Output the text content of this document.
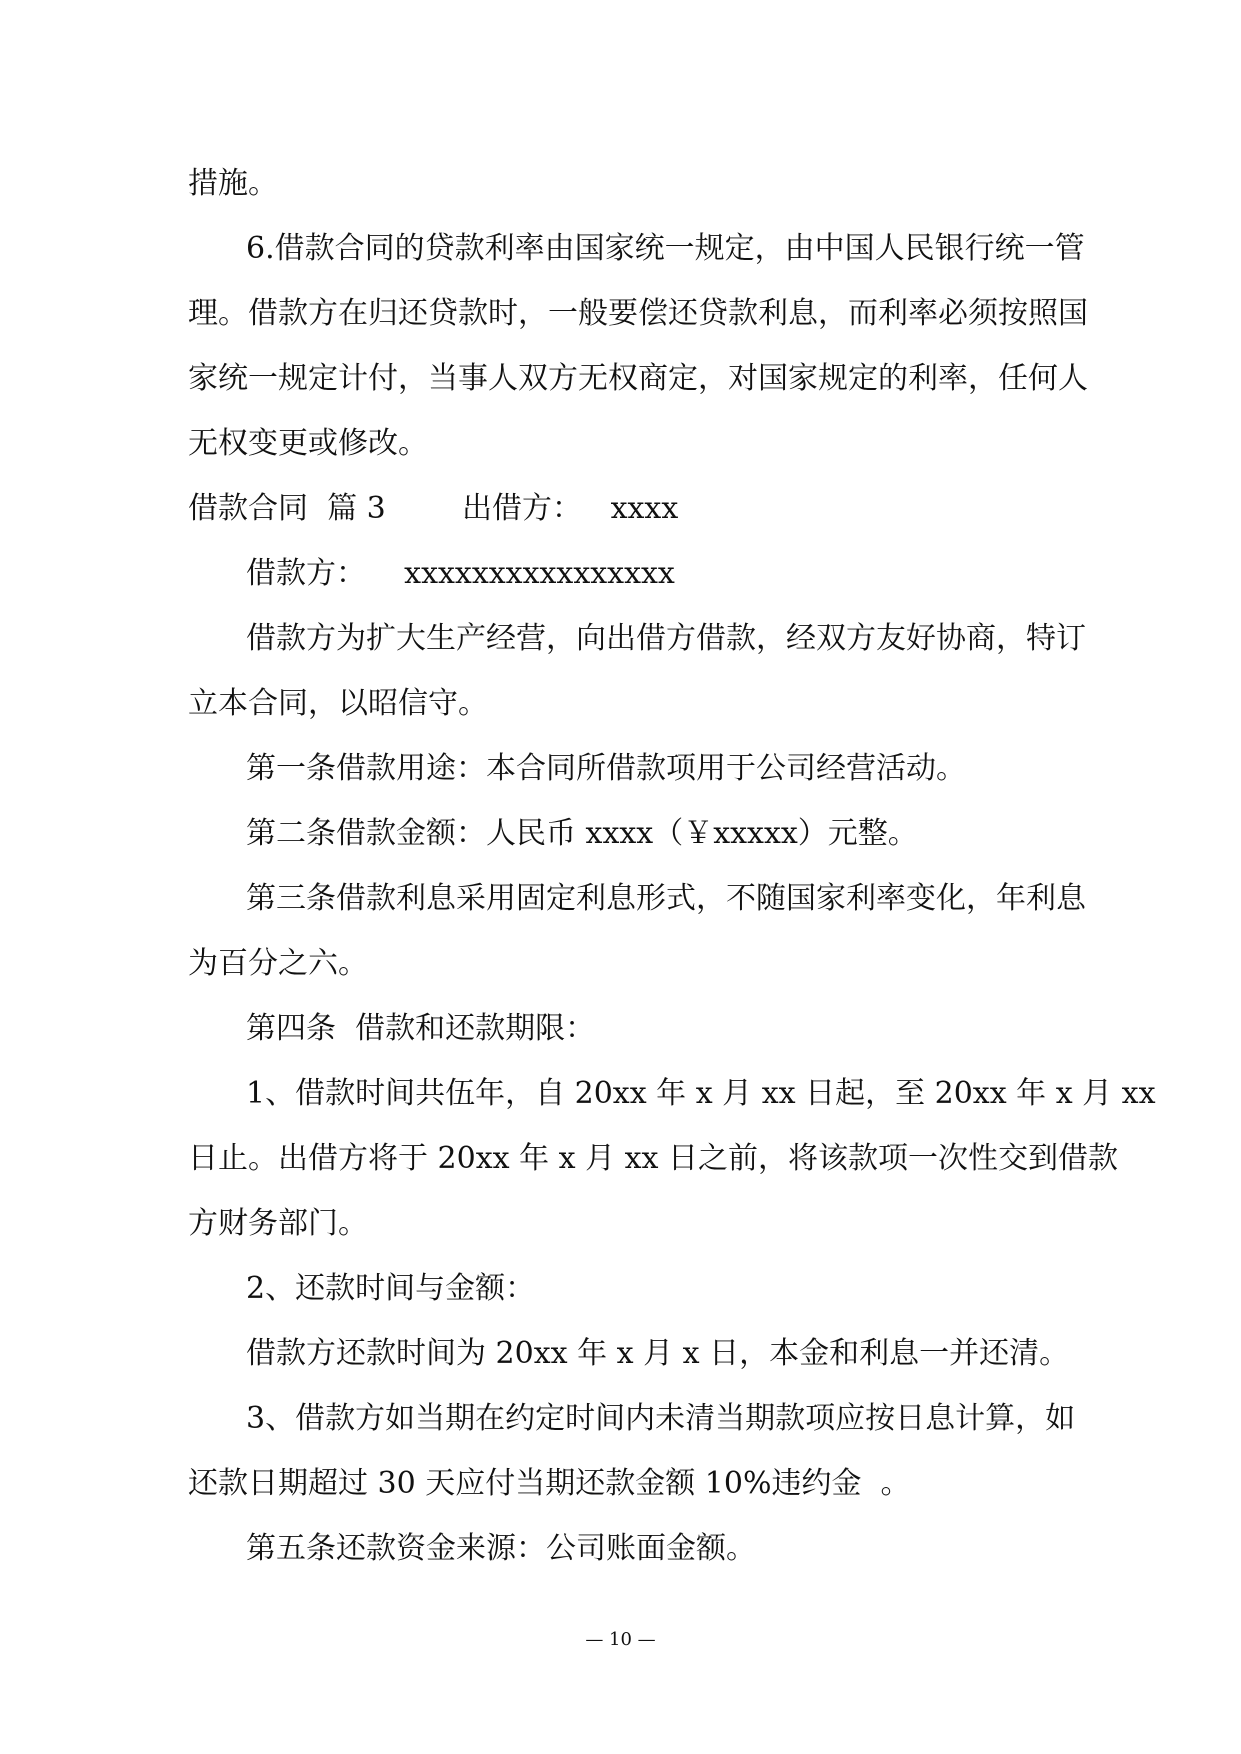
措施。
6.借款合同的贷款利率由国家统一规定，由中国人民银行统一管
理。借款方在归还贷款时，一般要偿还贷款利息，而利率必须按照国
家统一规定计付，当事人双方无权商定，对国家规定的利率，任何人
无权变更或修改。
借款合同  篇 3        出借方：   xxxx
借款方：    xxxxxxxxxxxxxxxx
借款方为扩大生产经营，向出借方借款，经双方友好协商，特订
立本合同，以昭信守。
第一条借款用途：本合同所借款项用于公司经营活动。
第二条借款金额：人民币 xxxx（￥xxxxx）元整。
第三条借款利息采用固定利息形式，不随国家利率变化，年利息
为百分之六。
第四条  借款和还款期限：
1、借款时间共伍年，自 20xx 年 x 月 xx 日起，至 20xx 年 x 月 xx
日止。出借方将于 20xx 年 x 月 xx 日之前，将该款项一次性交到借款
方财务部门。
2、还款时间与金额：
借款方还款时间为 20xx 年 x 月 x 日，本金和利息一并还清。
3、借款方如当期在约定时间内未清当期款项应按日息计算，如
还款日期超过 30 天应付当期还款金额 10%违约金  。
第五条还款资金来源：公司账面金额。
— 10 —
